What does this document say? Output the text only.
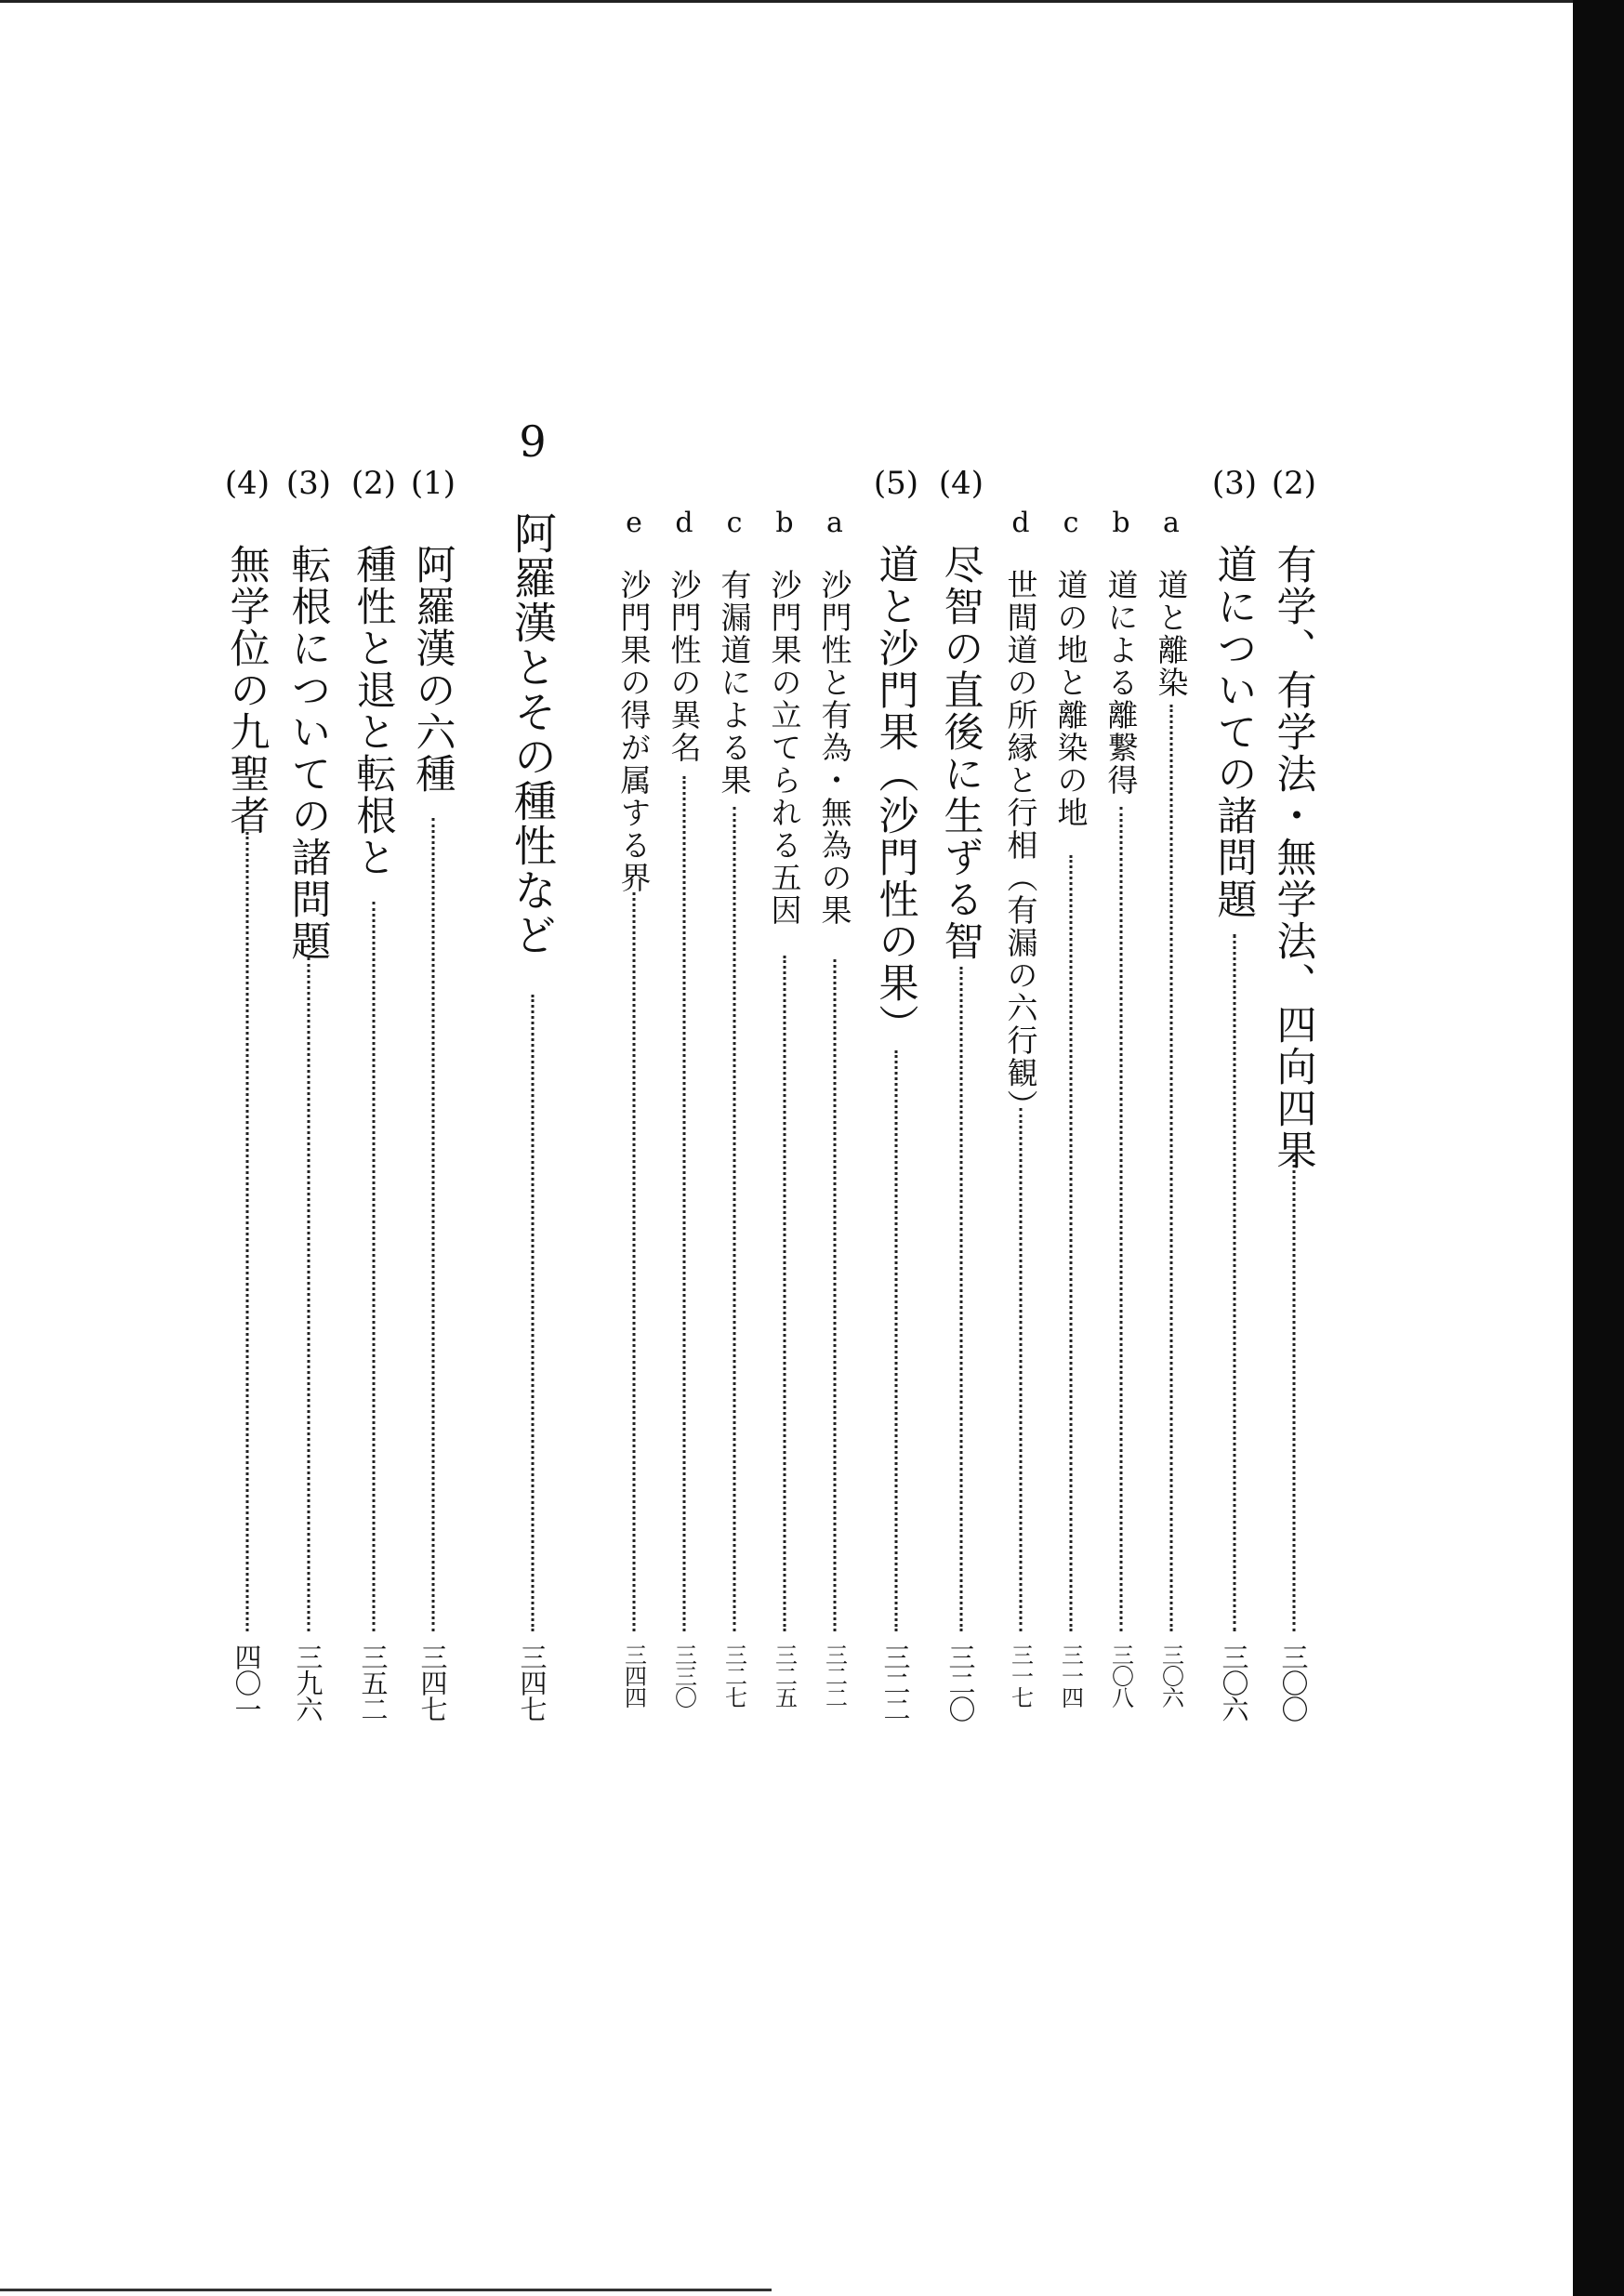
(2)
有学、有学法・無学法、四向四果
三〇〇
(3)
道についての諸問題
三〇六
a
道と離染
三〇六
b
道による離繋得
三〇八
c
道の地と離染の地
三一四
d
世間道の所縁と行相（有漏の六行観）
三一七
(4)
尽智の直後に生ずる智
三二〇
(5)
道と沙門果（沙門性の果）
三二二
a
沙門性と有為・無為の果
三二二
b
沙門果の立てられる五因
三二五
c
有漏道による果
三二七
d
沙門性の異名
三三〇
e
沙門果の得が属する界
三四四
9
阿羅漢とその種性など
三四七
(1)
阿羅漢の六種
三四七
(2)
種性と退と転根と
三五二
(3)
転根についての諸問題
三九六
(4)
無学位の九聖者
四〇一
